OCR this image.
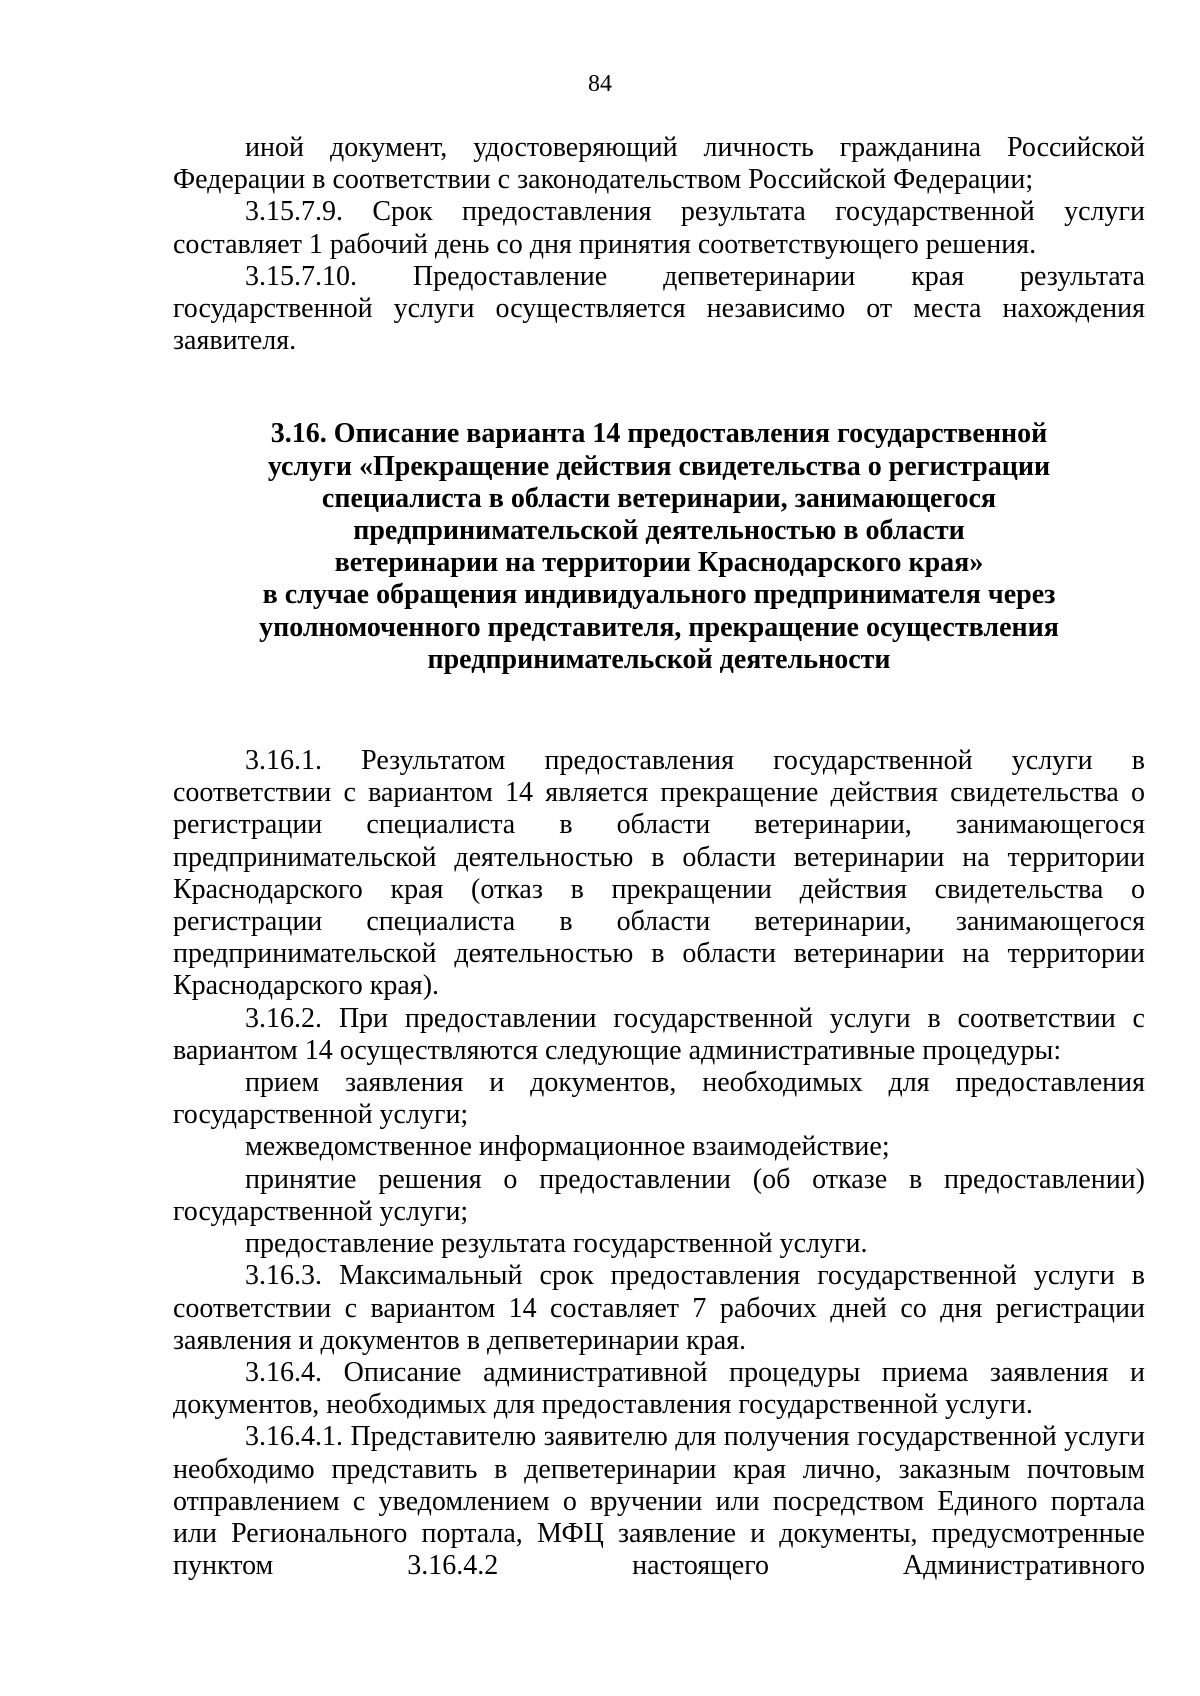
84

иной документ, удостоверяющий личность гражданина Российской Федерации в соответствии с законодательством Российской Федерации;

3.15.7.9. Срок предоставления результата государственной услуги составляет 1 рабочий день со дня принятия соответствующего решения.

3.15.7.10. Предоставление депветеринарии края результата государственной услуги осуществляется независимо от места нахождения заявителя.

3.16. Описание варианта 14 предоставления государственной
услуги «Прекращение действия свидетельства о регистрации
специалиста в области ветеринарии, занимающегося
предпринимательской деятельностью в области
ветеринарии на территории Краснодарского края»
в случае обращения индивидуального предпринимателя через
уполномоченного представителя, прекращение осуществления
предпринимательской деятельности

3.16.1. Результатом предоставления государственной услуги в соответствии с вариантом 14 является прекращение действия свидетельства о регистрации специалиста в области ветеринарии, занимающегося предпринимательской деятельностью в области ветеринарии на территории Краснодарского края (отказ в прекращении действия свидетельства о регистрации специалиста в области ветеринарии, занимающегося предпринимательской деятельностью в области ветеринарии на территории Краснодарского края).

3.16.2. При предоставлении государственной услуги в соответствии с вариантом 14 осуществляются следующие административные процедуры:

прием заявления и документов, необходимых для предоставления государственной услуги;

межведомственное информационное взаимодействие;

принятие решения о предоставлении (об отказе в предоставлении) государственной услуги;

предоставление результата государственной услуги.

3.16.3. Максимальный срок предоставления государственной услуги в соответствии с вариантом 14 составляет 7 рабочих дней со дня регистрации заявления и документов в депветеринарии края.

3.16.4. Описание административной процедуры приема заявления и документов, необходимых для предоставления государственной услуги.

3.16.4.1. Представителю заявителю для получения государственной услуги необходимо представить в депветеринарии края лично, заказным почтовым отправлением с уведомлением о вручении или посредством Единого портала или Регионального портала, МФЦ заявление и документы, предусмотренные пунктом 3.16.4.2 настоящего Административного
